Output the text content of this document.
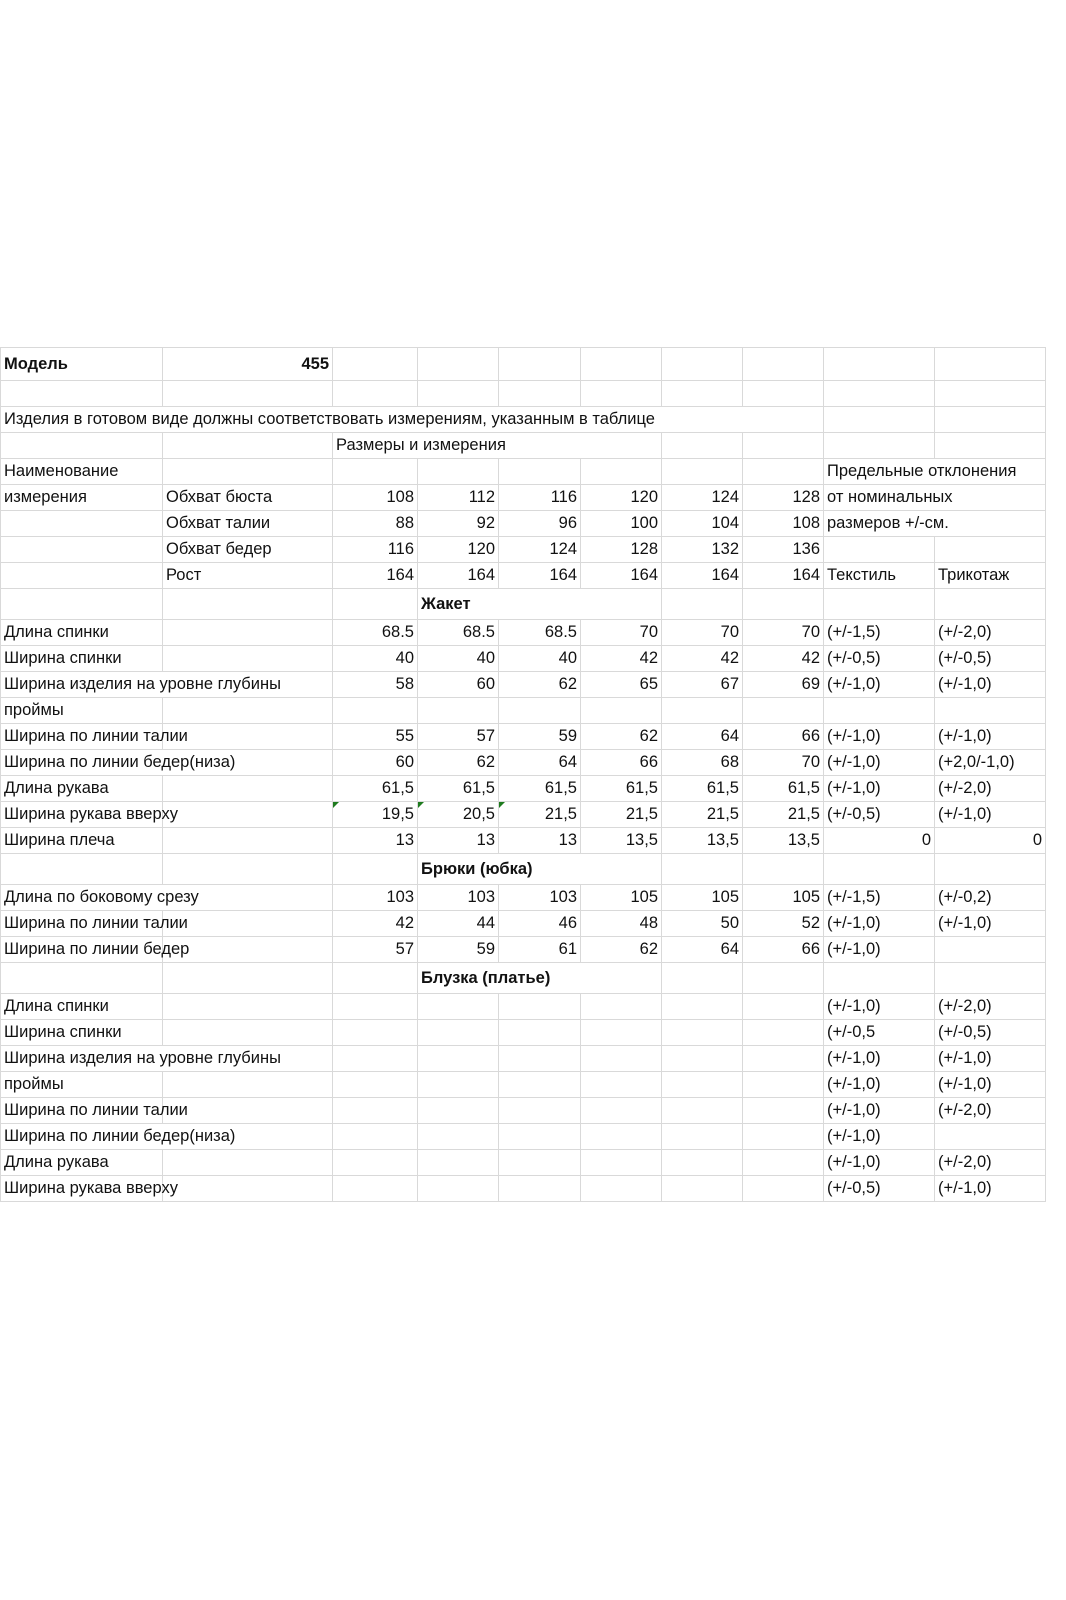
Модель	455								

Изделия в готовом виде должны соответствовать измерениям, указанным в таблице									
		Размеры и измерения							
Наименование								Предельные отклонения	
измерения	Обхват бюста	108	112	116	120	124	128	от номинальных	
	Обхват талии	88	92	96	100	104	108	размеров +/-см.	
	Обхват бедер	116	120	124	128	132	136		
	Рост	164	164	164	164	164	164	Текстиль	Трикотаж
			Жакет						
Длина спинки		68.5	68.5	68.5	70	70	70	(+/-1,5)	(+/-2,0)
Ширина спинки		40	40	40	42	42	42	(+/-0,5)	(+/-0,5)
Ширина изделия на уровне глубины		58	60	62	65	67	69	(+/-1,0)	(+/-1,0)
проймы									
Ширина по линии талии		55	57	59	62	64	66	(+/-1,0)	(+/-1,0)
Ширина по линии бедер(низа)		60	62	64	66	68	70	(+/-1,0)	(+2,0/-1,0)
Длина рукава		61,5	61,5	61,5	61,5	61,5	61,5	(+/-1,0)	(+/-2,0)
Ширина рукава вверху		19,5	20,5	21,5	21,5	21,5	21,5	(+/-0,5)	(+/-1,0)
Ширина плеча		13	13	13	13,5	13,5	13,5	0	0
			Брюки (юбка)						
Длина по боковому срезу		103	103	103	105	105	105	(+/-1,5)	(+/-0,2)
Ширина по линии талии		42	44	46	48	50	52	(+/-1,0)	(+/-1,0)
Ширина по линии бедер		57	59	61	62	64	66	(+/-1,0)	
			Блузка (платье)						
Длина спинки								(+/-1,0)	(+/-2,0)
Ширина спинки								(+/-0,5	(+/-0,5)
Ширина изделия на уровне глубины								(+/-1,0)	(+/-1,0)
проймы								(+/-1,0)	(+/-1,0)
Ширина по линии талии								(+/-1,0)	(+/-2,0)
Ширина по линии бедер(низа)								(+/-1,0)	
Длина рукава								(+/-1,0)	(+/-2,0)
Ширина рукава вверху								(+/-0,5)	(+/-1,0)
